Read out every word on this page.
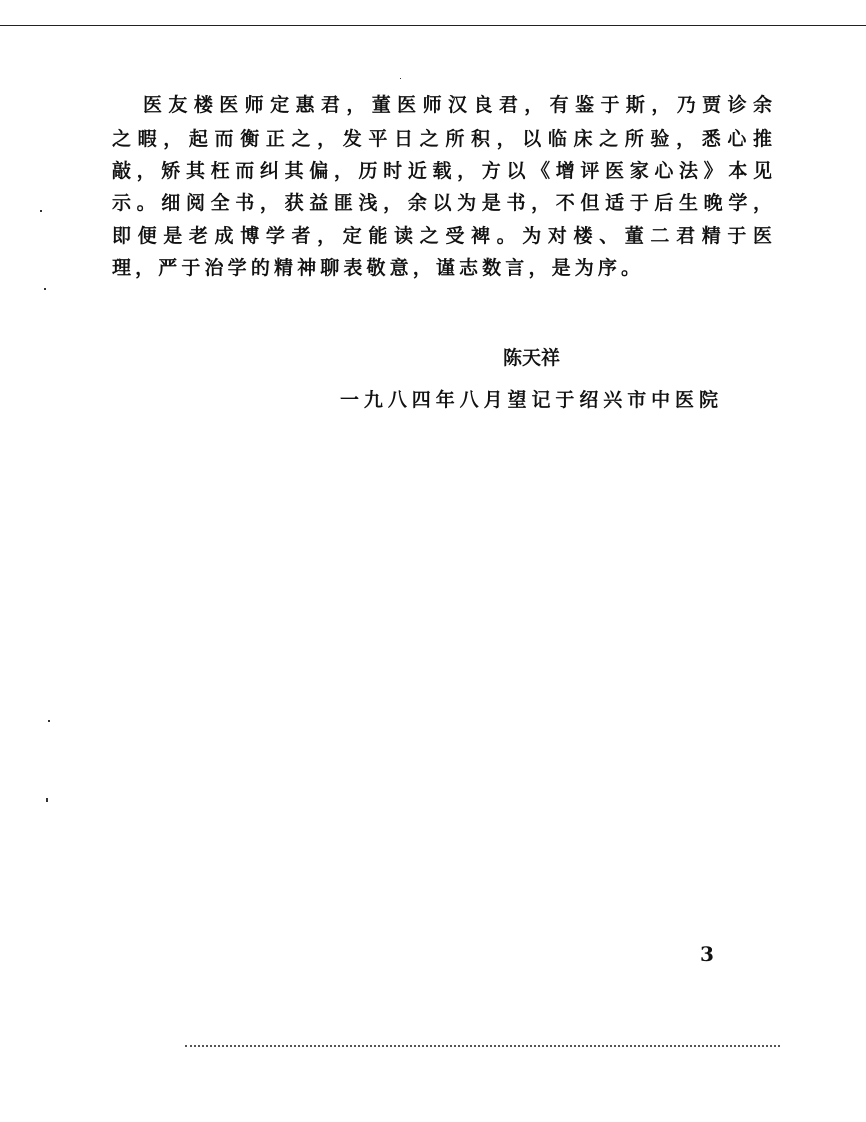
医友楼医师定惠君，董医师汉良君，有鉴于斯，乃贾诊余
之暇，起而衡正之，发平日之所积，以临床之所验，悉心推
敲，矫其枉而纠其偏，历时近载，方以《增评医家心法》本见
示。细阅全书，获益匪浅，余以为是书，不但适于后生晚学，
即便是老成博学者，定能读之受裨。为对楼、董二君精于医
理，严于治学的精神聊表敬意，谨志数言，是为序。
陈天祥
一九八四年八月望记于绍兴市中医院
3
